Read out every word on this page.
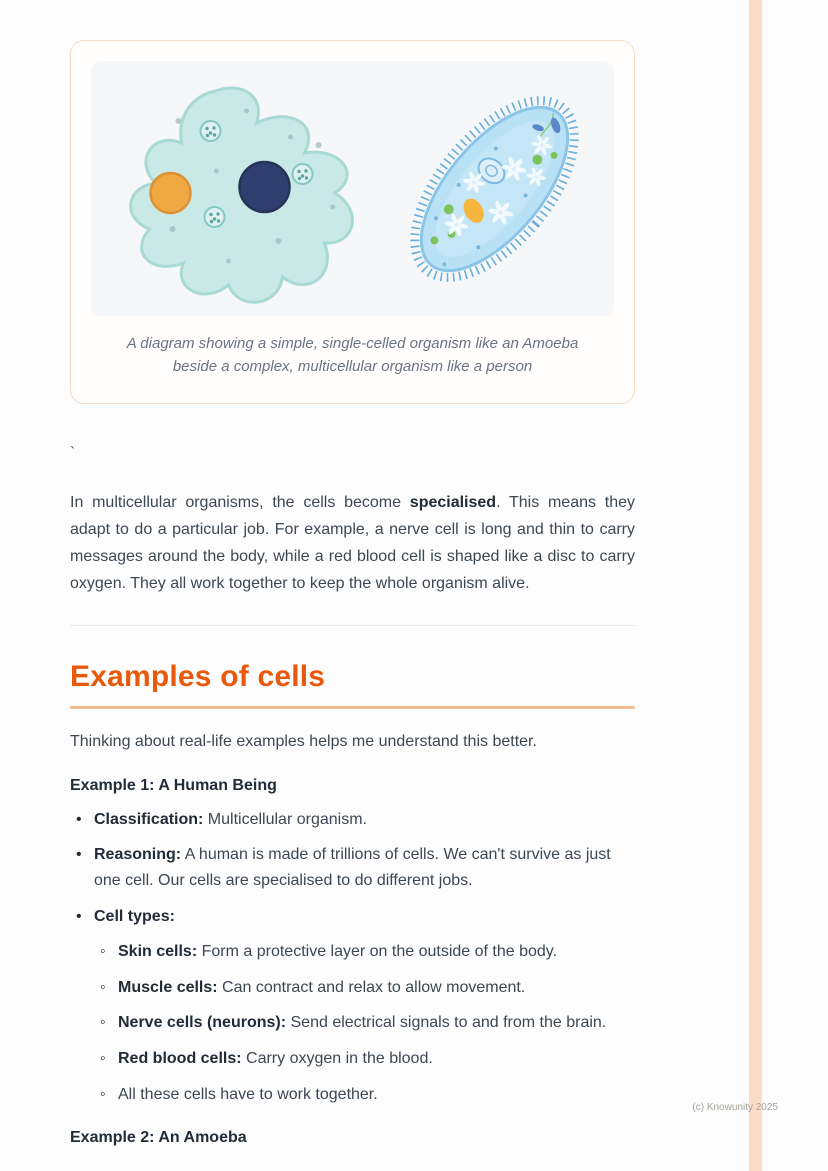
A diagram showing a simple, single-celled organism like an Amoeba beside a complex, multicellular organism like a person
`

In multicellular organisms, the cells become specialised. This means they adapt to do a particular job. For example, a nerve cell is long and thin to carry messages around the body, while a red blood cell is shaped like a disc to carry oxygen. They all work together to keep the whole organism alive.

Examples of cells

Thinking about real-life examples helps me understand this better.

Example 1: A Human Being

• Classification: Multicellular organism.
• Reasoning: A human is made of trillions of cells. We can't survive as just one cell. Our cells are specialised to do different jobs.
• Cell types:
◦ Skin cells: Form a protective layer on the outside of the body.
◦ Muscle cells: Can contract and relax to allow movement.
◦ Nerve cells (neurons): Send electrical signals to and from the brain.
◦ Red blood cells: Carry oxygen in the blood.
◦ All these cells have to work together.

Example 2: An Amoeba

(c) Knowunity 2025
